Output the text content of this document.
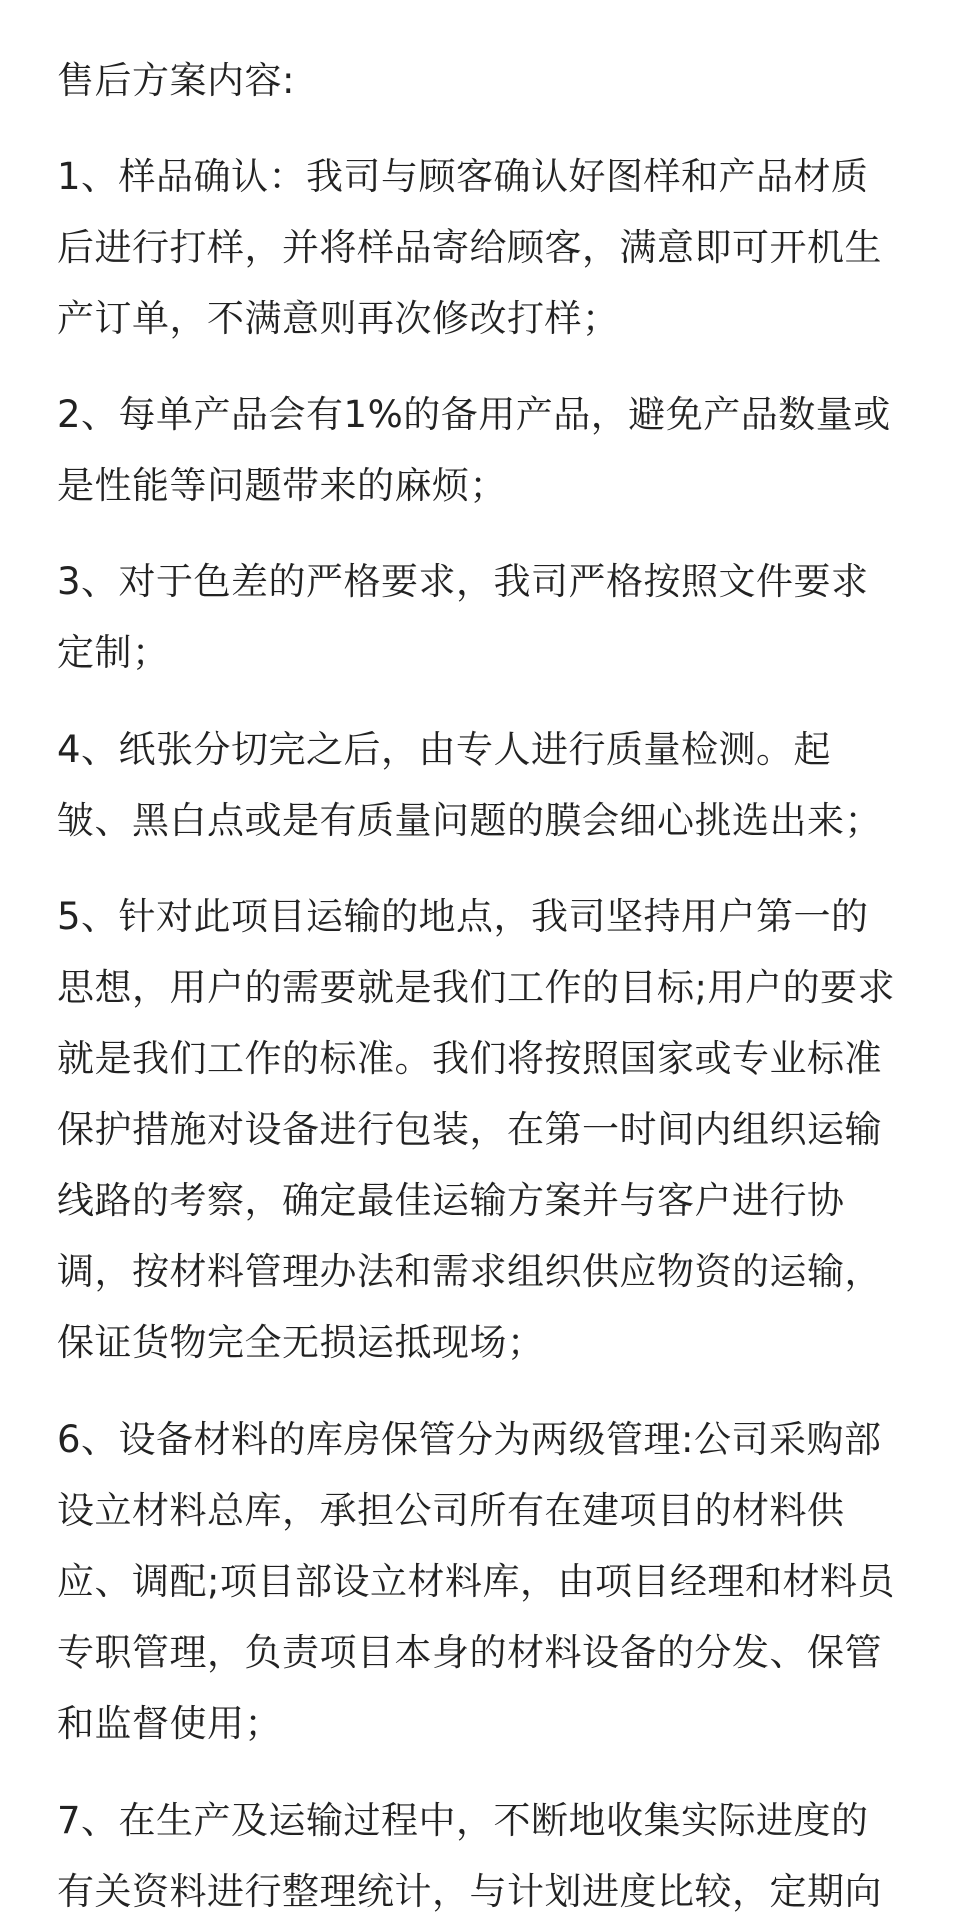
售后方案内容:
1、样品确认：我司与顾客确认好图样和产品材质
后进行打样，并将样品寄给顾客，满意即可开机生
产订单，不满意则再次修改打样；
2、每单产品会有1%的备用产品，避免产品数量或
是性能等问题带来的麻烦；
3、对于色差的严格要求，我司严格按照文件要求
定制；
4、纸张分切完之后，由专人进行质量检测。起
皱、黑白点或是有质量问题的膜会细心挑选出来；
5、针对此项目运输的地点，我司坚持用户第一的
思想，用户的需要就是我们工作的目标;用户的要求
就是我们工作的标准。我们将按照国家或专业标准
保护措施对设备进行包装，在第一时间内组织运输
线路的考察，确定最佳运输方案并与客户进行协
调，按材料管理办法和需求组织供应物资的运输，
保证货物完全无损运抵现场；
6、设备材料的库房保管分为两级管理:公司采购部
设立材料总库，承担公司所有在建项目的材料供
应、调配;项目部设立材料库，由项目经理和材料员
专职管理，负责项目本身的材料设备的分发、保管
和监督使用；
7、在生产及运输过程中，不断地收集实际进度的
有关资料进行整理统计，与计划进度比较，定期向
